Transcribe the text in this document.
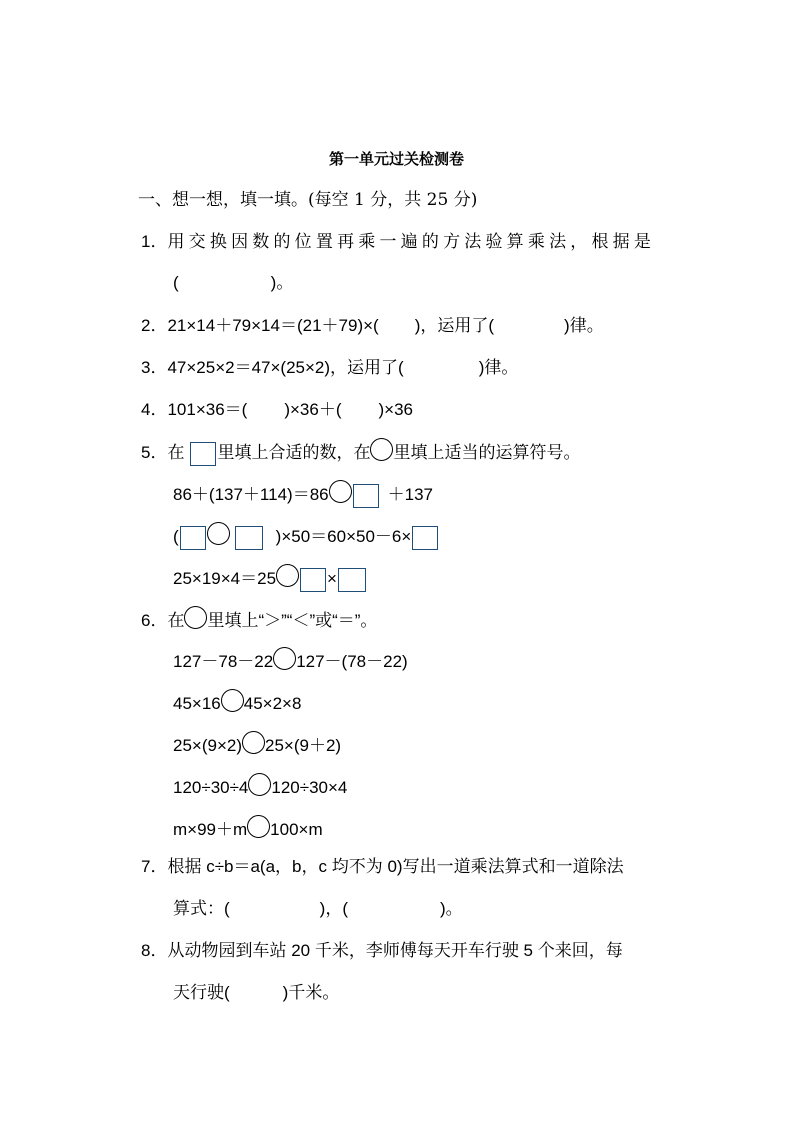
第一单元过关检测卷
一、想一想，填一填。(每空 1 分，共 25 分)
1．用交换因数的位置再乘一遍的方法验算乘法，根据是
(	)。
2．21×14＋79×14＝(21＋79)×( )，运用了(	)律。
3．47×25×2＝47×(25×2)，运用了(	)律。
4．101×36＝( )×36＋( )×36
5．在 里填上合适的数，在 里填上适当的运算符号。
86＋(137＋114)＝86	＋137
(	)×50＝60×50－6×
25×19×4＝25	×
6．在 里填上“＞”“＜”或“＝”。
127－78－22 127－(78－22)
45×16 45×2×8
25×(9×2) 25×(9＋2)
120÷30÷4 120÷30×4
m×99＋m 100×m
7．根据 c÷b＝a(a，b，c 均不为 0)写出一道乘法算式和一道除法
算式：(	)，(	)。
8．从动物园到车站 20 千米，李师傅每天开车行驶 5 个来回，每
天行驶(	)千米。
